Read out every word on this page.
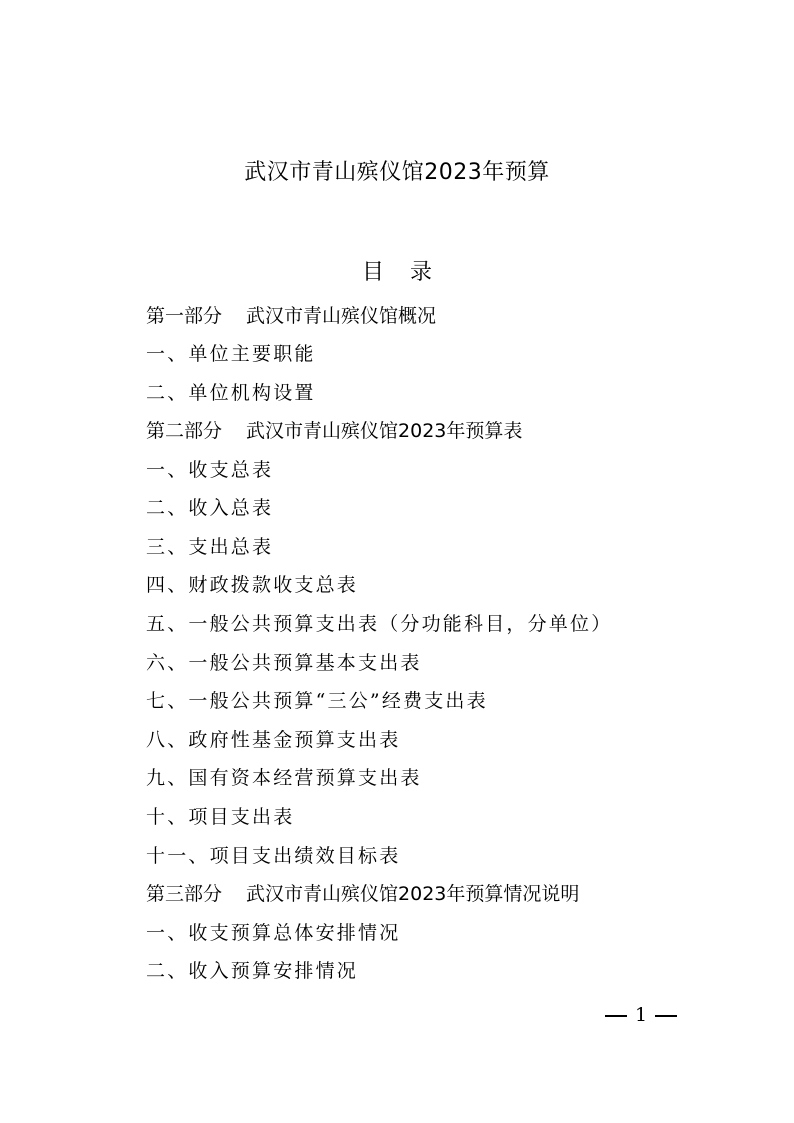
武汉市青山殡仪馆2023年预算
目 录
第一部分 武汉市青山殡仪馆概况
一、单位主要职能
二、单位机构设置
第二部分 武汉市青山殡仪馆2023年预算表
一、收支总表
二、收入总表
三、支出总表
四、财政拨款收支总表
五、一般公共预算支出表（分功能科目，分单位）
六、一般公共预算基本支出表
七、一般公共预算“三公”经费支出表
八、政府性基金预算支出表
九、国有资本经营预算支出表
十、项目支出表
十一、项目支出绩效目标表
第三部分 武汉市青山殡仪馆2023年预算情况说明
一、收支预算总体安排情况
二、收入预算安排情况
1
